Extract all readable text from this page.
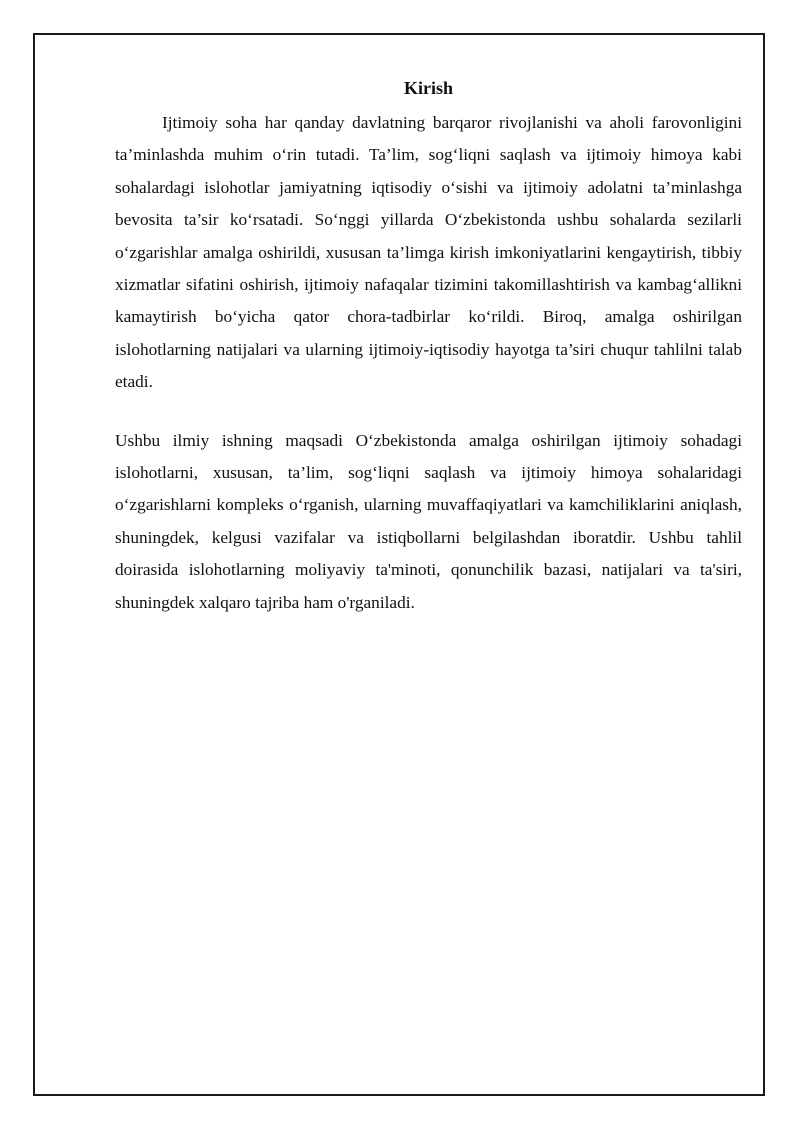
Kirish

Ijtimoiy soha har qanday davlatning barqaror rivojlanishi va aholi farovonligini ta’minlashda muhim o‘rin tutadi. Ta’lim, sog‘liqni saqlash va ijtimoiy himoya kabi sohalardagi islohotlar jamiyatning iqtisodiy o‘sishi va ijtimoiy adolatni ta’minlashga bevosita ta’sir ko‘rsatadi. So‘nggi yillarda O‘zbekistonda ushbu sohalarda sezilarli o‘zgarishlar amalga oshirildi, xususan ta’limga kirish imkoniyatlarini kengaytirish, tibbiy xizmatlar sifatini oshirish, ijtimoiy nafaqalar tizimini takomillashtirish va kambag‘allikni kamaytirish bo‘yicha qator chora-tadbirlar ko‘rildi. Biroq, amalga oshirilgan islohotlarning natijalari va ularning ijtimoiy-iqtisodiy hayotga ta’siri chuqur tahlilni talab etadi.

Ushbu ilmiy ishning maqsadi O‘zbekistonda amalga oshirilgan ijtimoiy sohadagi islohotlarni, xususan, ta’lim, sog‘liqni saqlash va ijtimoiy himoya sohalaridagi o‘zgarishlarni kompleks o‘rganish, ularning muvaffaqiyatlari va kamchiliklarini aniqlash, shuningdek, kelgusi vazifalar va istiqbollarni belgilashdan iboratdir. Ushbu tahlil doirasida islohotlarning moliyaviy ta'minoti, qonunchilik bazasi, natijalari va ta'siri, shuningdek xalqaro tajriba ham o'rganiladi.
